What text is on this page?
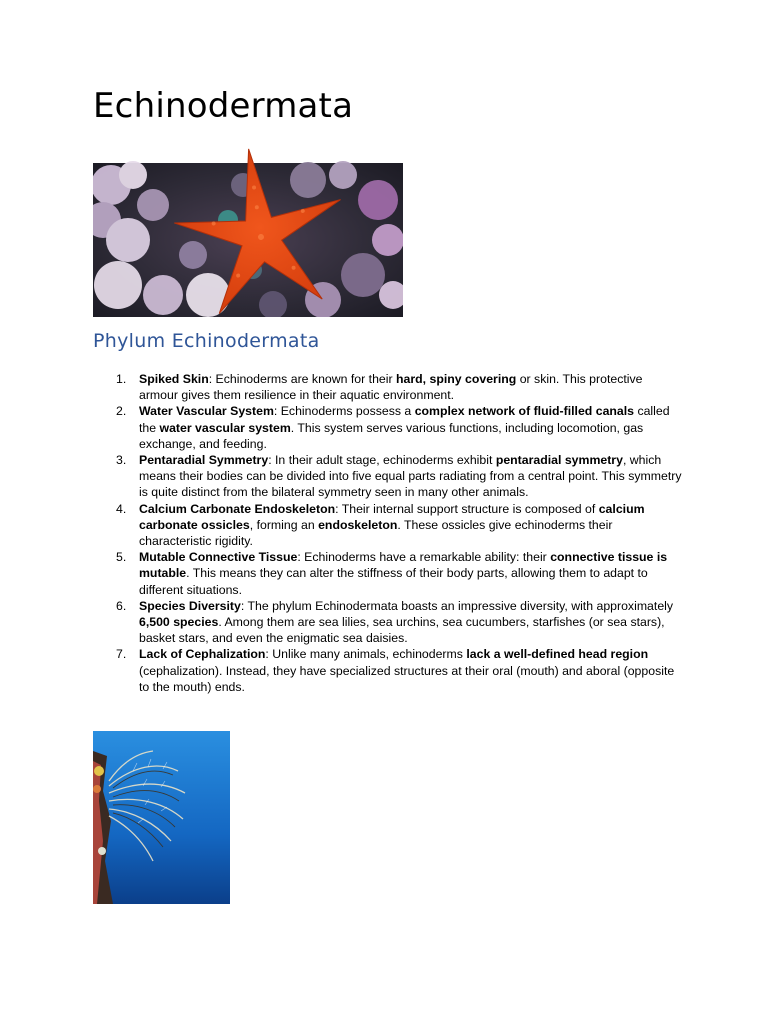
Echinodermata
Phylum Echinodermata
1. Spiked Skin: Echinoderms are known for their hard, spiny covering or skin. This protective armour gives them resilience in their aquatic environment.
2. Water Vascular System: Echinoderms possess a complex network of fluid-filled canals called the water vascular system. This system serves various functions, including locomotion, gas exchange, and feeding.
3. Pentaradial Symmetry: In their adult stage, echinoderms exhibit pentaradial symmetry, which means their bodies can be divided into five equal parts radiating from a central point. This symmetry is quite distinct from the bilateral symmetry seen in many other animals.
4. Calcium Carbonate Endoskeleton: Their internal support structure is composed of calcium carbonate ossicles, forming an endoskeleton. These ossicles give echinoderms their characteristic rigidity.
5. Mutable Connective Tissue: Echinoderms have a remarkable ability: their connective tissue is mutable. This means they can alter the stiffness of their body parts, allowing them to adapt to different situations.
6. Species Diversity: The phylum Echinodermata boasts an impressive diversity, with approximately 6,500 species. Among them are sea lilies, sea urchins, sea cucumbers, starfishes (or sea stars), basket stars, and even the enigmatic sea daisies.
7. Lack of Cephalization: Unlike many animals, echinoderms lack a well-defined head region (cephalization). Instead, they have specialized structures at their oral (mouth) and aboral (opposite to the mouth) ends.
